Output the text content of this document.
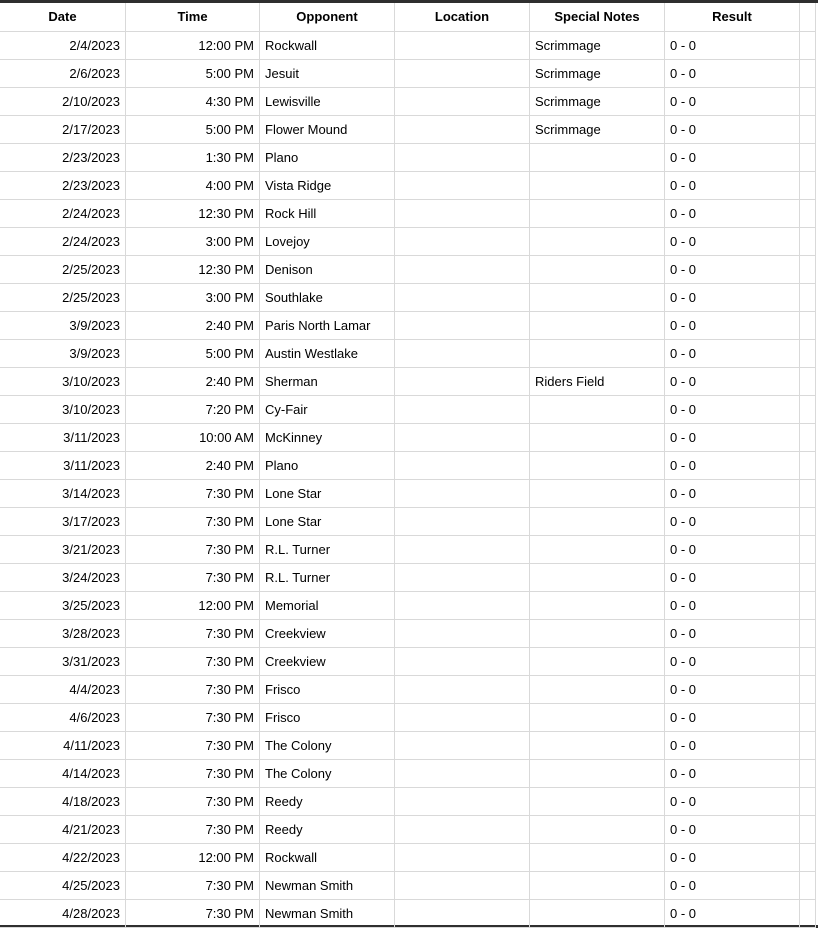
Date	Time	Opponent	Location	Special Notes	Result	
2/4/2023	12:00 PM	Rockwall		Scrimmage	0 - 0	
2/6/2023	5:00 PM	Jesuit		Scrimmage	0 - 0	
2/10/2023	4:30 PM	Lewisville		Scrimmage	0 - 0	
2/17/2023	5:00 PM	Flower Mound		Scrimmage	0 - 0	
2/23/2023	1:30 PM	Plano			0 - 0	
2/23/2023	4:00 PM	Vista Ridge			0 - 0	
2/24/2023	12:30 PM	Rock Hill			0 - 0	
2/24/2023	3:00 PM	Lovejoy			0 - 0	
2/25/2023	12:30 PM	Denison			0 - 0	
2/25/2023	3:00 PM	Southlake			0 - 0	
3/9/2023	2:40 PM	Paris North Lamar			0 - 0	
3/9/2023	5:00 PM	Austin Westlake			0 - 0	
3/10/2023	2:40 PM	Sherman		Riders Field	0 - 0	
3/10/2023	7:20 PM	Cy-Fair			0 - 0	
3/11/2023	10:00 AM	McKinney			0 - 0	
3/11/2023	2:40 PM	Plano			0 - 0	
3/14/2023	7:30 PM	Lone Star			0 - 0	
3/17/2023	7:30 PM	Lone Star			0 - 0	
3/21/2023	7:30 PM	R.L. Turner			0 - 0	
3/24/2023	7:30 PM	R.L. Turner			0 - 0	
3/25/2023	12:00 PM	Memorial			0 - 0	
3/28/2023	7:30 PM	Creekview			0 - 0	
3/31/2023	7:30 PM	Creekview			0 - 0	
4/4/2023	7:30 PM	Frisco			0 - 0	
4/6/2023	7:30 PM	Frisco			0 - 0	
4/11/2023	7:30 PM	The Colony			0 - 0	
4/14/2023	7:30 PM	The Colony			0 - 0	
4/18/2023	7:30 PM	Reedy			0 - 0	
4/21/2023	7:30 PM	Reedy			0 - 0	
4/22/2023	12:00 PM	Rockwall			0 - 0	
4/25/2023	7:30 PM	Newman Smith			0 - 0	
4/28/2023	7:30 PM	Newman Smith			0 - 0	
